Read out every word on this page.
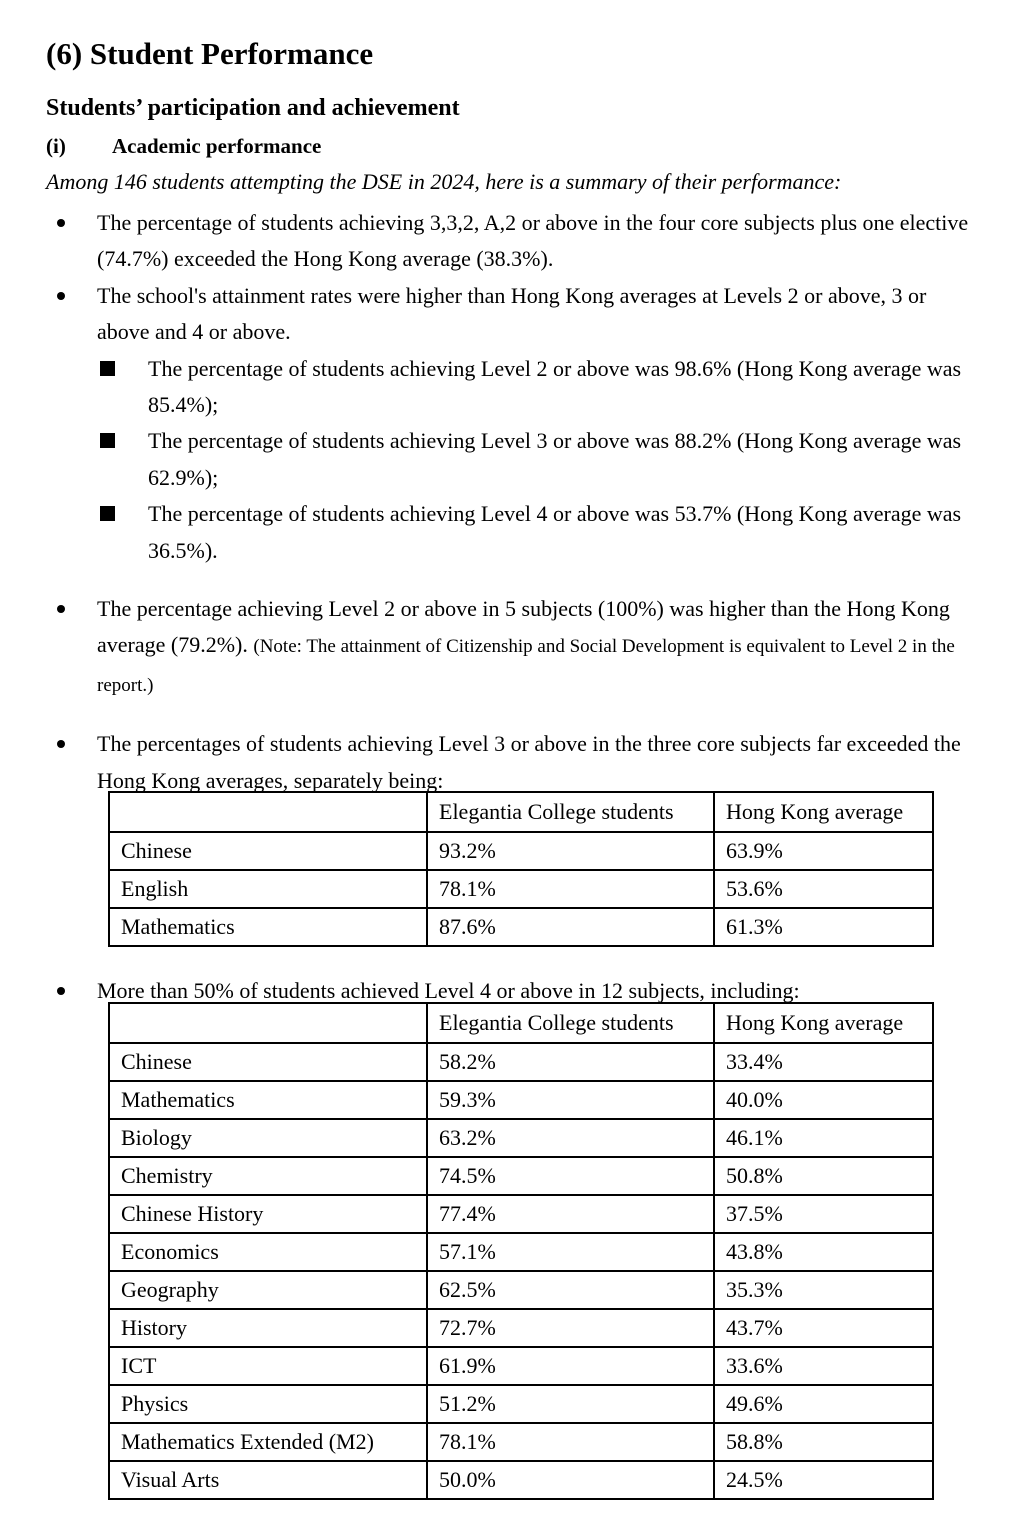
(6) Student Performance
Students’ participation and achievement
(i) Academic performance

Among 146 students attempting the DSE in 2024, here is a summary of their performance:

The percentage of students achieving 3,3,2, A,2 or above in the four core subjects plus one elective (74.7%) exceeded the Hong Kong average (38.3%).

The school's attainment rates were higher than Hong Kong averages at Levels 2 or above, 3 or above and 4 or above.

The percentage of students achieving Level 2 or above was 98.6% (Hong Kong average was 85.4%);

The percentage of students achieving Level 3 or above was 88.2% (Hong Kong average was 62.9%);

The percentage of students achieving Level 4 or above was 53.7% (Hong Kong average was 36.5%).

The percentage achieving Level 2 or above in 5 subjects (100%) was higher than the Hong Kong average (79.2%). (Note: The attainment of Citizenship and Social Development is equivalent to Level 2 in the report.)

The percentages of students achieving Level 3 or above in the three core subjects far exceeded the Hong Kong averages, separately being:

	Elegantia College students	Hong Kong average
Chinese	93.2%	63.9%
English	78.1%	53.6%
Mathematics	87.6%	61.3%

More than 50% of students achieved Level 4 or above in 12 subjects, including:

	Elegantia College students	Hong Kong average
Chinese	58.2%	33.4%
Mathematics	59.3%	40.0%
Biology	63.2%	46.1%
Chemistry	74.5%	50.8%
Chinese History	77.4%	37.5%
Economics	57.1%	43.8%
Geography	62.5%	35.3%
History	72.7%	43.7%
ICT	61.9%	33.6%
Physics	51.2%	49.6%
Mathematics Extended (M2)	78.1%	58.8%
Visual Arts	50.0%	24.5%
